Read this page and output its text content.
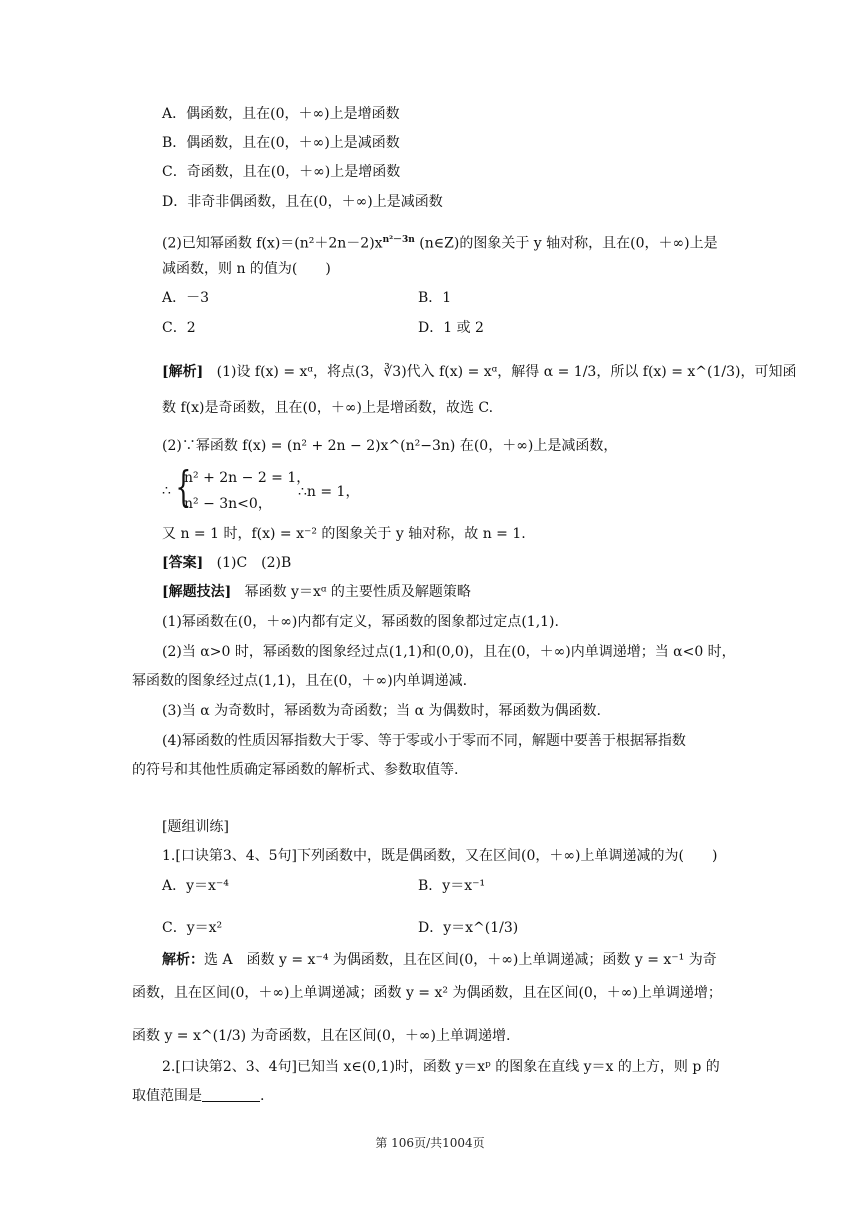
A．偶函数，且在(0，＋∞)上是增函数
B．偶函数，且在(0，＋∞)上是减函数
C．奇函数，且在(0，＋∞)上是增函数
D．非奇非偶函数，且在(0，＋∞)上是减函数
(2)已知幂函数 $f(x)=(n^2+2n-2)x^{n^2-3n}$ (n∈Z)的图象关于 y 轴对称，且在(0，＋∞)上是
减函数，则 n 的值为(　　)
A．－3	B．1
C．2	D．1 或 2
[解析] (1)设 f(x) = xᵅ，将点(3，∛3)代入 f(x) = xᵅ，解得 α = 1/3，所以 f(x) = x^(1/3)，可知函
数 f(x)是奇函数，且在(0，＋∞)上是增函数，故选 C.
(2)∵幂函数 f(x) = (n² + 2n − 2)x^(n²−3n) 在(0，＋∞)上是减函数，
∴ {
n² + 2n − 2 = 1，
n² − 3n<0，
∴n = 1，
又 n = 1 时，f(x) = x⁻² 的图象关于 y 轴对称，故 n = 1.
[答案] (1)C　(2)B
[解题技法] 幂函数 y＝xᵅ 的主要性质及解题策略
(1)幂函数在(0，＋∞)内都有定义，幂函数的图象都过定点(1,1).
(2)当 α>0 时，幂函数的图象经过点(1,1)和(0,0)，且在(0，＋∞)内单调递增；当 α<0 时，
幂函数的图象经过点(1,1)，且在(0，＋∞)内单调递减.
(3)当 α 为奇数时，幂函数为奇函数；当 α 为偶数时，幂函数为偶函数.
(4)幂函数的性质因幂指数大于零、等于零或小于零而不同，解题中要善于根据幂指数
的符号和其他性质确定幂函数的解析式、参数取值等.
[题组训练]
1.[口诀第3、4、5句]下列函数中，既是偶函数，又在区间(0，＋∞)上单调递减的为(　　)
A．y＝x⁻⁴	B．y＝x⁻¹
C．y＝x²	D．y＝x^(1/3)
解析：选 A　函数 y = x⁻⁴ 为偶函数，且在区间(0，＋∞)上单调递减；函数 y = x⁻¹ 为奇
函数，且在区间(0，＋∞)上单调递减；函数 y = x² 为偶函数，且在区间(0，＋∞)上单调递增；
函数 y = x^(1/3) 为奇函数，且在区间(0，＋∞)上单调递增.
2.[口诀第2、3、4句]已知当 x∈(0,1)时，函数 y＝xᵖ 的图象在直线 y＝x 的上方，则 p 的
取值范围是	.
第 106页/共1004页
